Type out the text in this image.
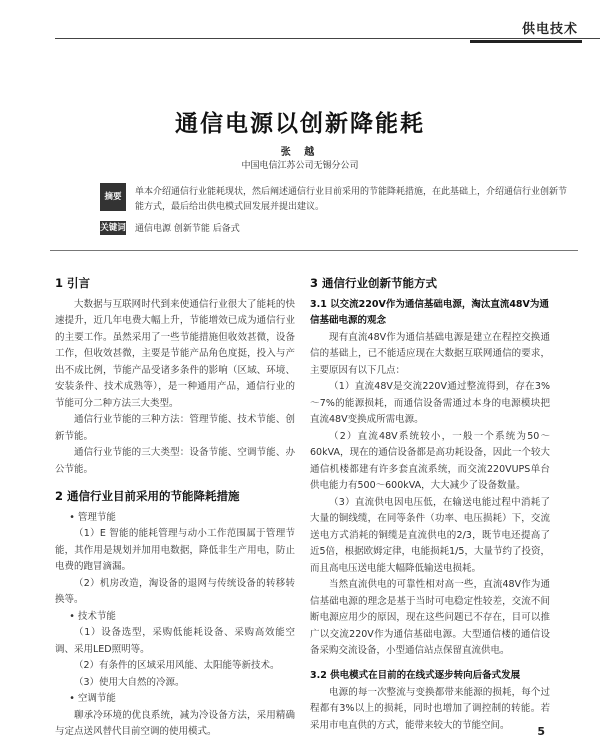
供电技术
通信电源以创新降能耗
张 越
中国电信江苏公司无锡分公司
摘要	单本介绍通信行业能耗现状，然后阐述通信行业目前采用的节能降耗措施，在此基础上，介绍通信行业创新节能方式，最后给出供电模式回发展并提出建议。
关键词 通信电源 创新节能 后备式
1 引言

大数据与互联网时代到来使通信行业很大了能耗的快速提升，近几年电费大幅上升，节能增效已成为通信行业的主要工作。虽然采用了一些节能措施但收效甚微，设备工作，但收效甚微，主要是节能产品角色度挺，投入与产出不成比例，节能产品受诸多条件的影响（区域、环境、安装条件、技术成熟等），是一种通用产品，通信行业的节能可分二种方法三大类型。

通信行业节能的三种方法：管理节能、技术节能、创新节能。

通信行业节能的三大类型：设备节能、空调节能、办公节能。

2 通信行业目前采用的节能降耗措施

• 管理节能

（1）E 智能的能耗管理与动小工作范围属于管理节能，其作用是规划并加用电数据，降低非生产用电，防止电费的跑冒滴漏。

（2）机房改造，淘设备的退网与传统设备的转移转换等。

• 技术节能

（1）设备选型，采购低能耗设备、采购高效能空调、采用LED照明等。

（2）有条件的区域采用风能、太阳能等新技术。

（3）使用大自然的冷源。

• 空调节能

聊承冷环境的优良系统，减为冷设备方法，采用精确与定点送风替代目前空调的使用模式。

3 通信行业创新节能方式
3.1 以交流220V作为通信基础电源，淘汰直流48V为通信基础电源的观念

现有直流48V作为通信基础电源是建立在程控交换通信的基础上，已不能适应现在大数据互联网通信的要求，主要原因有以下几点：

（1）直流48V是交流220V通过整流得到，存在3%～7%的能源损耗，而通信设备需通过本身的电源模块把直流48V变换成所需电源。

（2）直流48V系统较小，一般一个系统为50～60kVA，现在的通信设备都是高功耗设备，因此一个较大通信机楼都建有许多套直流系统，而交流220VUPS单台供电能力有500～600kVA，大大减少了设备数量。

（3）直流供电因电压低，在输送电能过程中消耗了大量的铜线缆，在同等条件（功率、电压损耗）下，交流送电方式消耗的铜缆是直流供电的2/3，既节电还提高了近5倍，根据欧姆定律，电能损耗1/5，大量节约了投资，而且高电压送电能大幅降低输送电损耗。

当然直流供电的可靠性相对高一些，直流48V作为通信基础电源的理念是基于当时可电稳定性较差，交流不间断电源应用少的原因，现在这些问题已不存在，目可以推广以交流220V作为通信基础电源。大型通信楼的通信设备采购交流设备，小型通信站点保留直流供电。

3.2 供电模式在目前的在线式逐步转向后备式发展

电源的每一次整流与变换都带来能源的损耗，每个过程都有3%以上的损耗，同时也增加了调控制的转能。若采用市电直供的方式，能带来较大的节能空间。	5
